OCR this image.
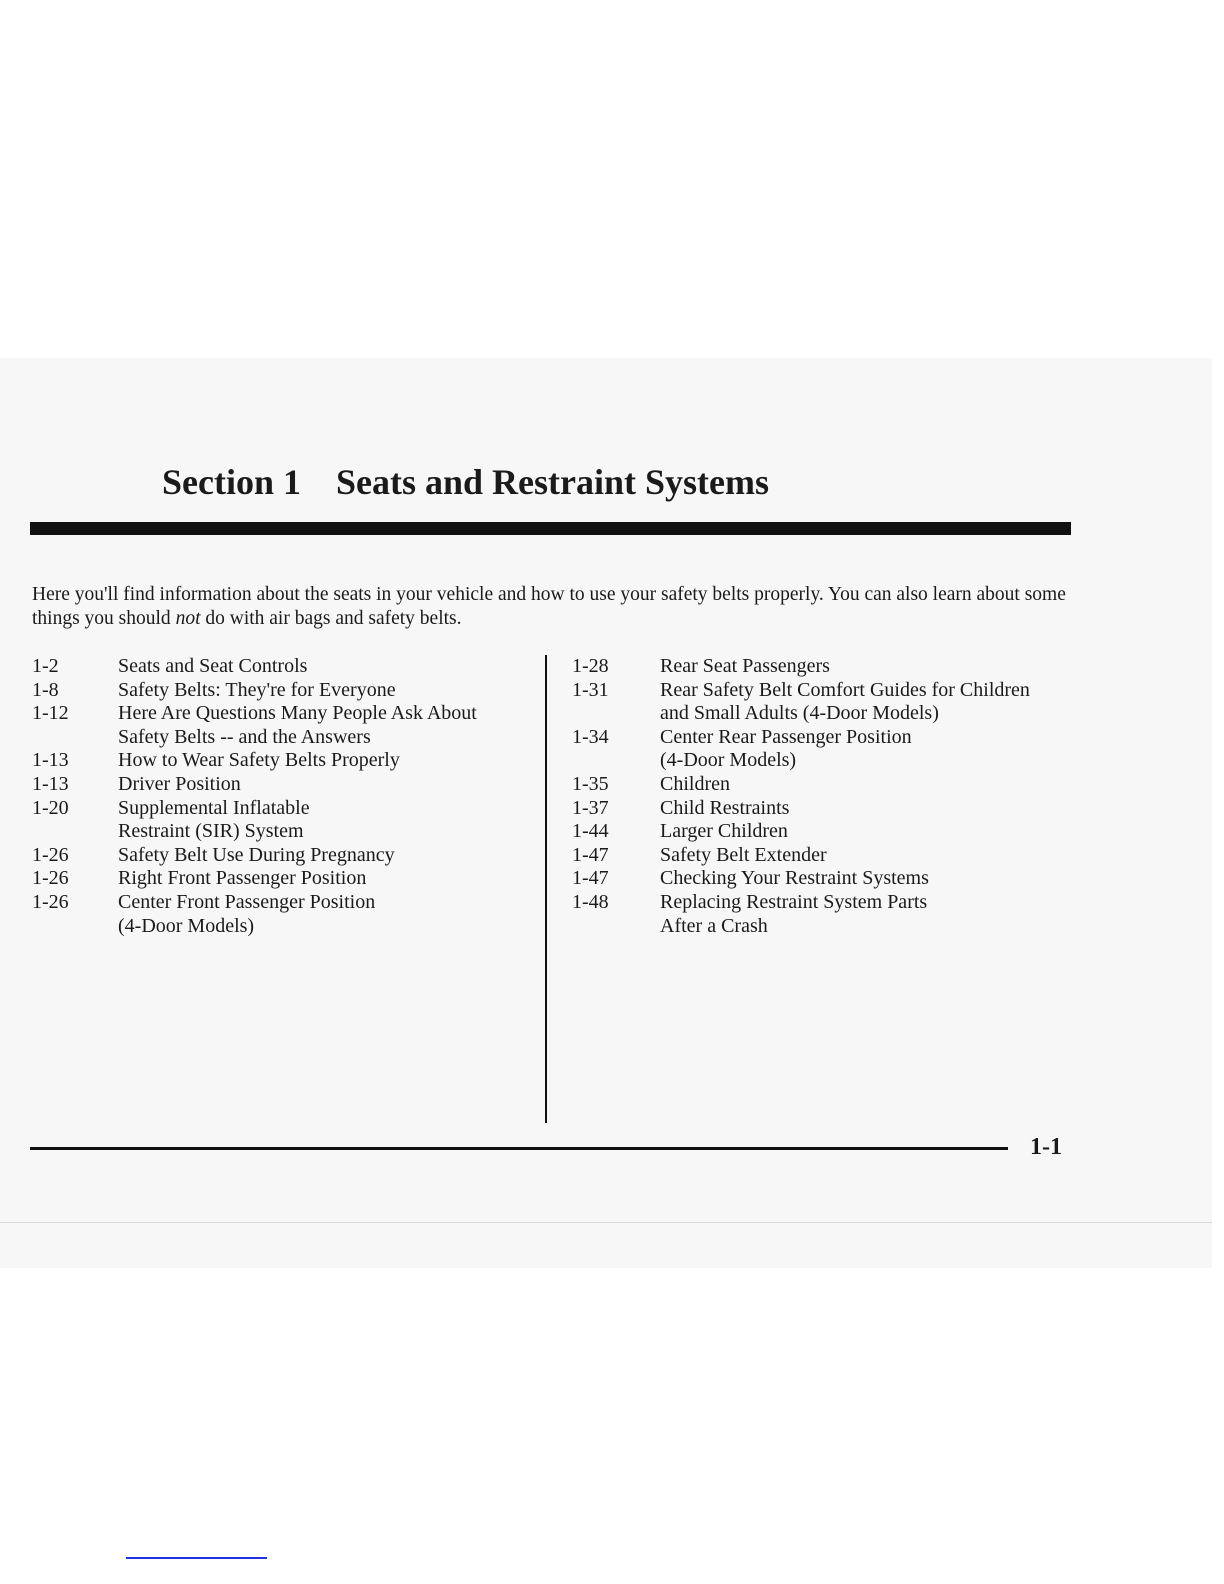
Section 1 Seats and Restraint Systems

Here you'll find information about the seats in your vehicle and how to use your safety belts properly. You can also learn about some things you should not do with air bags and safety belts.

1-2	Seats and Seat Controls
1-8	Safety Belts: They're for Everyone
1-12	Here Are Questions Many People Ask About
Safety Belts -- and the Answers
1-13	How to Wear Safety Belts Properly
1-13	Driver Position
1-20	Supplemental Inflatable
Restraint (SIR) System
1-26	Safety Belt Use During Pregnancy
1-26	Right Front Passenger Position
1-26	Center Front Passenger Position
(4-Door Models)
1-28	Rear Seat Passengers
1-31	Rear Safety Belt Comfort Guides for Children
and Small Adults (4-Door Models)
1-34	Center Rear Passenger Position
(4-Door Models)
1-35	Children
1-37	Child Restraints
1-44	Larger Children
1-47	Safety Belt Extender
1-47	Checking Your Restraint Systems
1-48	Replacing Restraint System Parts
After a Crash
1-1
